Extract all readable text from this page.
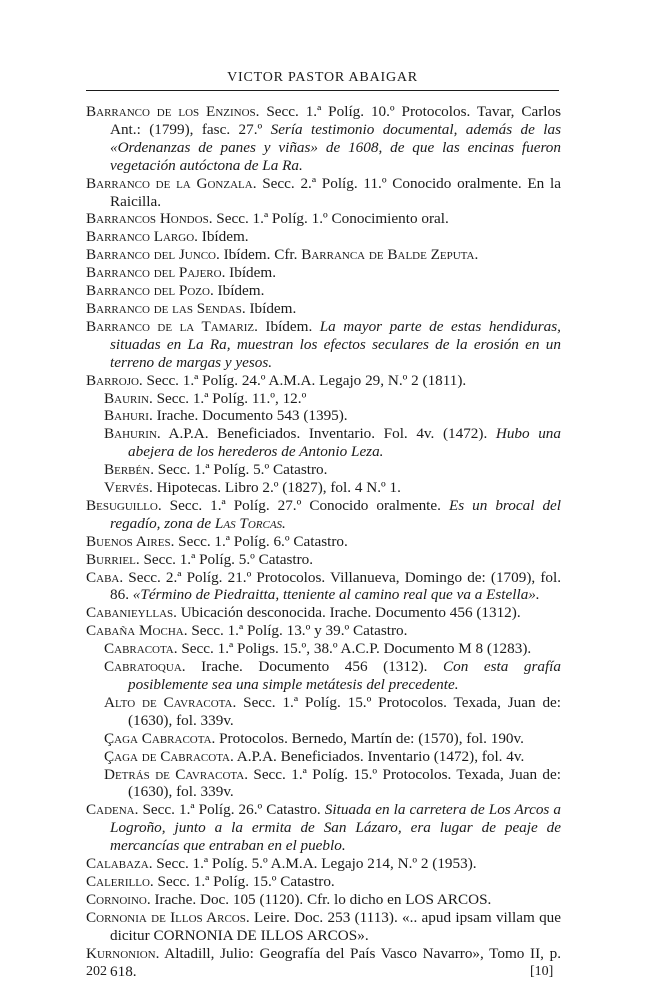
VICTOR PASTOR ABAIGAR

Barranco de los Enzinos. Secc. 1.ª Políg. 10.º Protocolos. Tavar, Carlos Ant.: (1799), fasc. 27.º Sería testimonio documental, además de las «Ordenanzas de panes y viñas» de 1608, de que las encinas fueron vegetación autóctona de La Ra.

Barranco de la Gonzala. Secc. 2.ª Políg. 11.º Conocido oralmente. En la Raicilla.

Barrancos Hondos. Secc. 1.ª Políg. 1.º Conocimiento oral.

Barranco Largo. Ibídem.

Barranco del Junco. Ibídem. Cfr. Barranca de Balde Zeputa.

Barranco del Pajero. Ibídem.

Barranco del Pozo. Ibídem.

Barranco de las Sendas. Ibídem.

Barranco de la Tamariz. Ibídem. La mayor parte de estas hendiduras, situadas en La Ra, muestran los efectos seculares de la erosión en un terreno de margas y yesos.

Barrojo. Secc. 1.ª Políg. 24.º A.M.A. Legajo 29, N.º 2 (1811).

Baurin. Secc. 1.ª Políg. 11.º, 12.º

Bahuri. Irache. Documento 543 (1395).

Bahurin. A.P.A. Beneficiados. Inventario. Fol. 4v. (1472). Hubo una abejera de los herederos de Antonio Leza.

Berbén. Secc. 1.ª Políg. 5.º Catastro.

Vervés. Hipotecas. Libro 2.º (1827), fol. 4 N.º 1.

Besuguillo. Secc. 1.ª Políg. 27.º Conocido oralmente. Es un brocal del regadío, zona de Las Torcas.

Buenos Aires. Secc. 1.ª Políg. 6.º Catastro.

Burriel. Secc. 1.ª Políg. 5.º Catastro.

Caba. Secc. 2.ª Políg. 21.º Protocolos. Villanueva, Domingo de: (1709), fol. 86. «Término de Piedraitta, tteniente al camino real que va a Estella».

Cabanieyllas. Ubicación desconocida. Irache. Documento 456 (1312).

Cabaña Mocha. Secc. 1.ª Políg. 13.º y 39.º Catastro.

Cabracota. Secc. 1.ª Poligs. 15.º, 38.º A.C.P. Documento M 8 (1283).

Cabratoqua. Irache. Documento 456 (1312). Con esta grafía posiblemente sea una simple metátesis del precedente.

Alto de Cavracota. Secc. 1.ª Políg. 15.º Protocolos. Texada, Juan de: (1630), fol. 339v.

Çaga Cabracota. Protocolos. Bernedo, Martín de: (1570), fol. 190v.

Çaga de Cabracota. A.P.A. Beneficiados. Inventario (1472), fol. 4v.

Detrás de Cavracota. Secc. 1.ª Políg. 15.º Protocolos. Texada, Juan de: (1630), fol. 339v.

Cadena. Secc. 1.ª Políg. 26.º Catastro. Situada en la carretera de Los Arcos a Logroño, junto a la ermita de San Lázaro, era lugar de peaje de mercancías que entraban en el pueblo.

Calabaza. Secc. 1.ª Políg. 5.º A.M.A. Legajo 214, N.º 2 (1953).

Calerillo. Secc. 1.ª Políg. 15.º Catastro.

Cornoino. Irache. Doc. 105 (1120). Cfr. lo dicho en LOS ARCOS.

Cornonia de Illos Arcos. Leire. Doc. 253 (1113). «.. apud ipsam villam que dicitur CORNONIA DE ILLOS ARCOS».

Kurnonion. Altadill, Julio: Geografía del País Vasco Navarro», Tomo II, p. 618.

202	[10]
